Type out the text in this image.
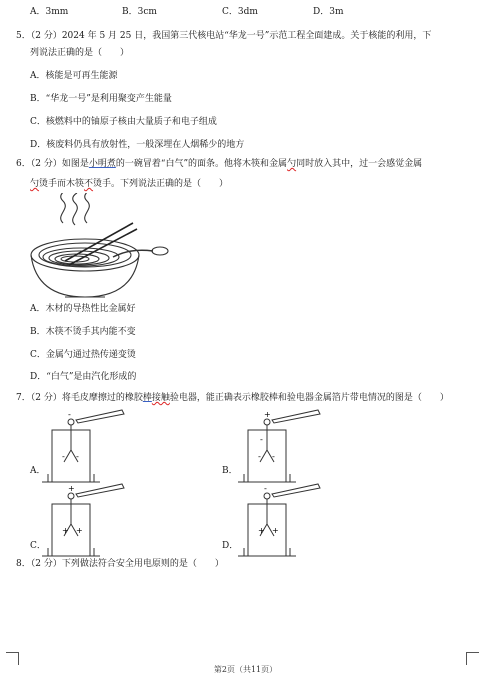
A．3mm	B．3cm	C．3dm	D．3m
5．（2 分）2024 年 5 月 25 日，我国第三代核电站“华龙一号”示范工程全面建成。关于核能的利用，下
列说法正确的是（　　）
A．核能是可再生能源
B．“华龙一号”是利用聚变产生能量
C．核燃料中的铀原子核由大量质子和电子组成
D．核废料仍具有放射性，一般深埋在人烟稀少的地方
6．（2 分）如图是小明煮的一碗冒着“白气”的面条。他将木筷和金属勺同时放入其中，过一会感觉金属
勺烫手而木筷不烫手。下列说法正确的是（　　）
A．木材的导热性比金属好
B．木筷不烫手其内能不变
C．金属勺通过热传递变烫
D．“白气”是由汽化形成的
7．（2 分）将毛皮摩擦过的橡胶棒接触验电器，能正确表示橡胶棒和验电器金属箔片带电情况的图是（　　）
A．
-
- -
B．
+
-
- -
C．
+
+ +
D．
-
+ +
8．（2 分）下列做法符合安全用电原则的是（　　）
第2页（共11页）
